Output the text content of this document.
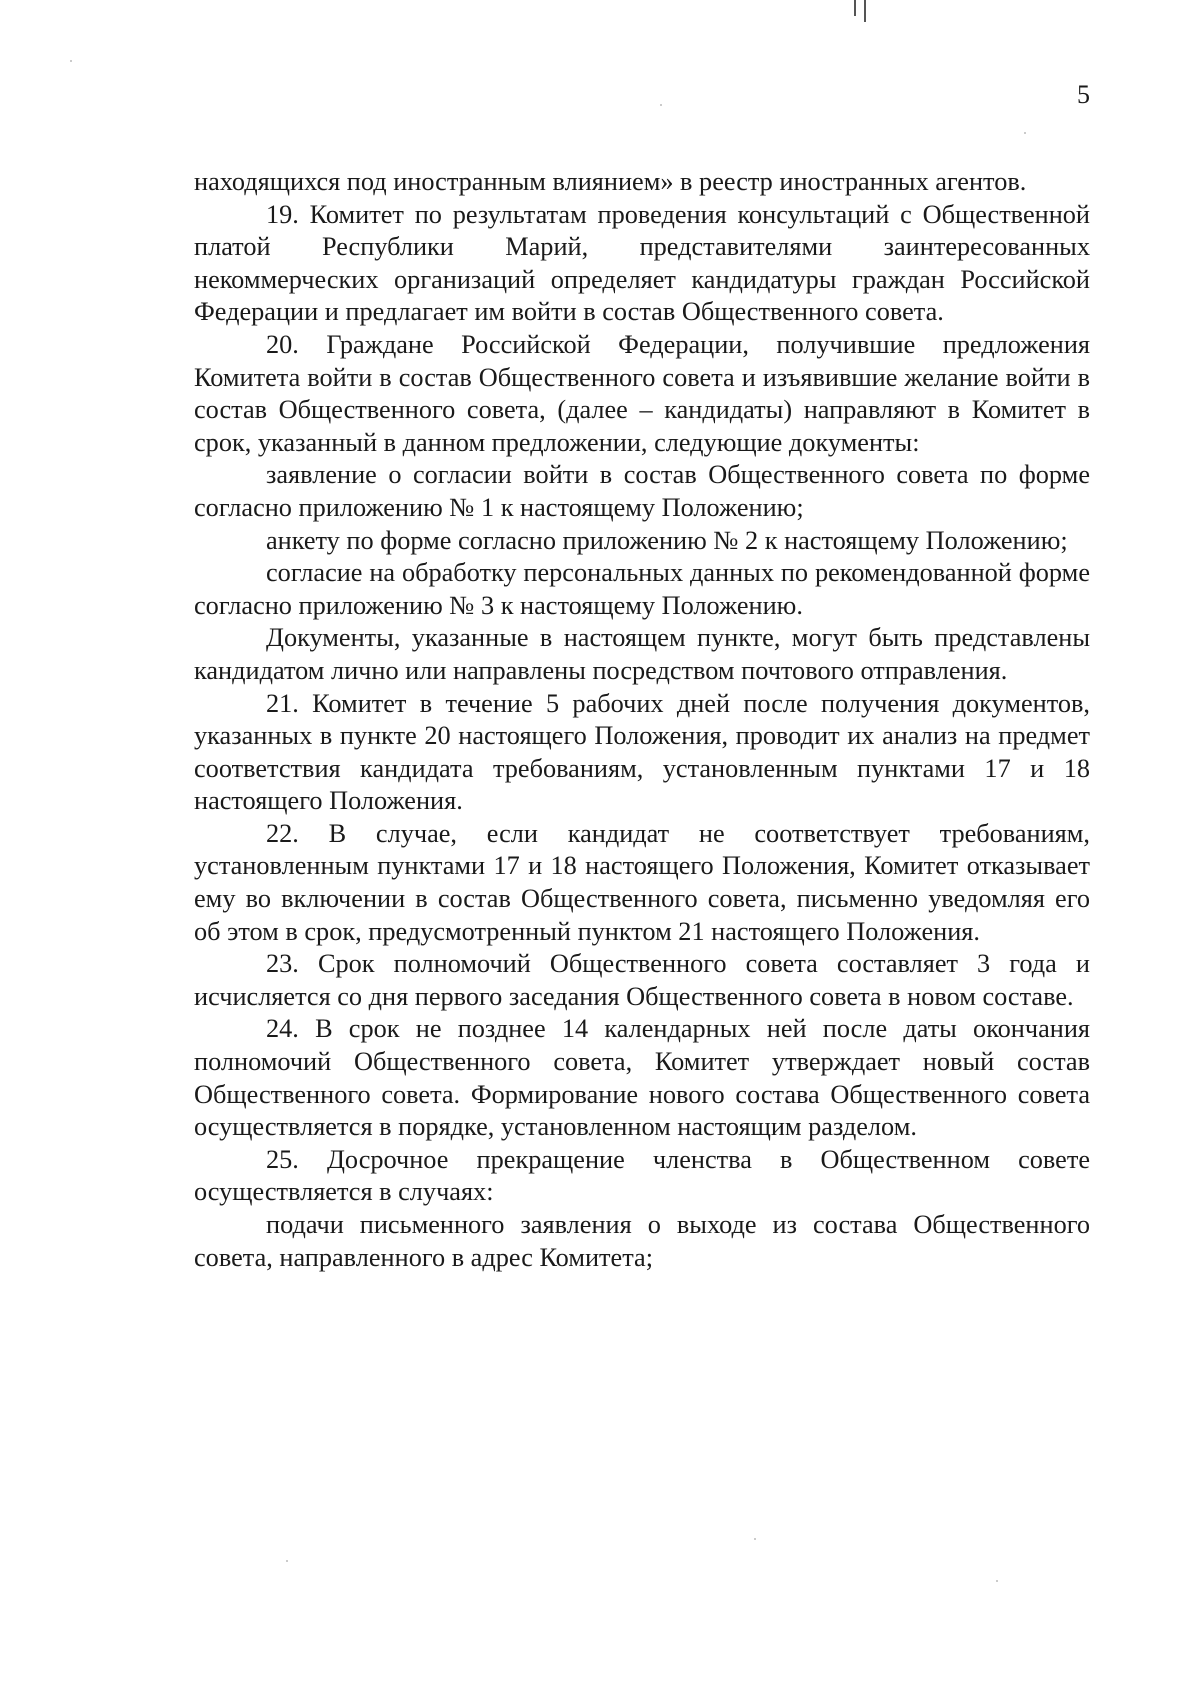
5

находящихся под иностранным влиянием» в реестр иностранных агентов.

19. Комитет по результатам проведения консультаций с Общественной платой Республики Марий, представителями заинтересованных некоммерческих организаций определяет кандидатуры граждан Российской Федерации и предлагает им войти в состав Общественного совета.

20. Граждане Российской Федерации, получившие предложения Комитета войти в состав Общественного совета и изъявившие желание войти в состав Общественного совета, (далее – кандидаты) направляют в Комитет в срок, указанный в данном предложении, следующие документы:

заявление о согласии войти в состав Общественного совета по форме согласно приложению № 1 к настоящему Положению;

анкету по форме согласно приложению № 2 к настоящему Положению;

согласие на обработку персональных данных по рекомендованной форме согласно приложению № 3 к настоящему Положению.

Документы, указанные в настоящем пункте, могут быть представлены кандидатом лично или направлены посредством почтового отправления.

21. Комитет в течение 5 рабочих дней после получения документов, указанных в пункте 20 настоящего Положения, проводит их анализ на предмет соответствия кандидата требованиям, установленным пунктами 17 и 18 настоящего Положения.

22. В случае, если кандидат не соответствует требованиям, установленным пунктами 17 и 18 настоящего Положения, Комитет отказывает ему во включении в состав Общественного совета, письменно уведомляя его об этом в срок, предусмотренный пунктом 21 настоящего Положения.

23. Срок полномочий Общественного совета составляет 3 года и исчисляется со дня первого заседания Общественного совета в новом составе.

24. В срок не позднее 14 календарных ней после даты окончания полномочий Общественного совета, Комитет утверждает новый состав Общественного совета. Формирование нового состава Общественного совета осуществляется в порядке, установленном настоящим разделом.

25. Досрочное прекращение членства в Общественном совете осуществляется в случаях:

подачи письменного заявления о выходе из состава Общественного совета, направленного в адрес Комитета;
